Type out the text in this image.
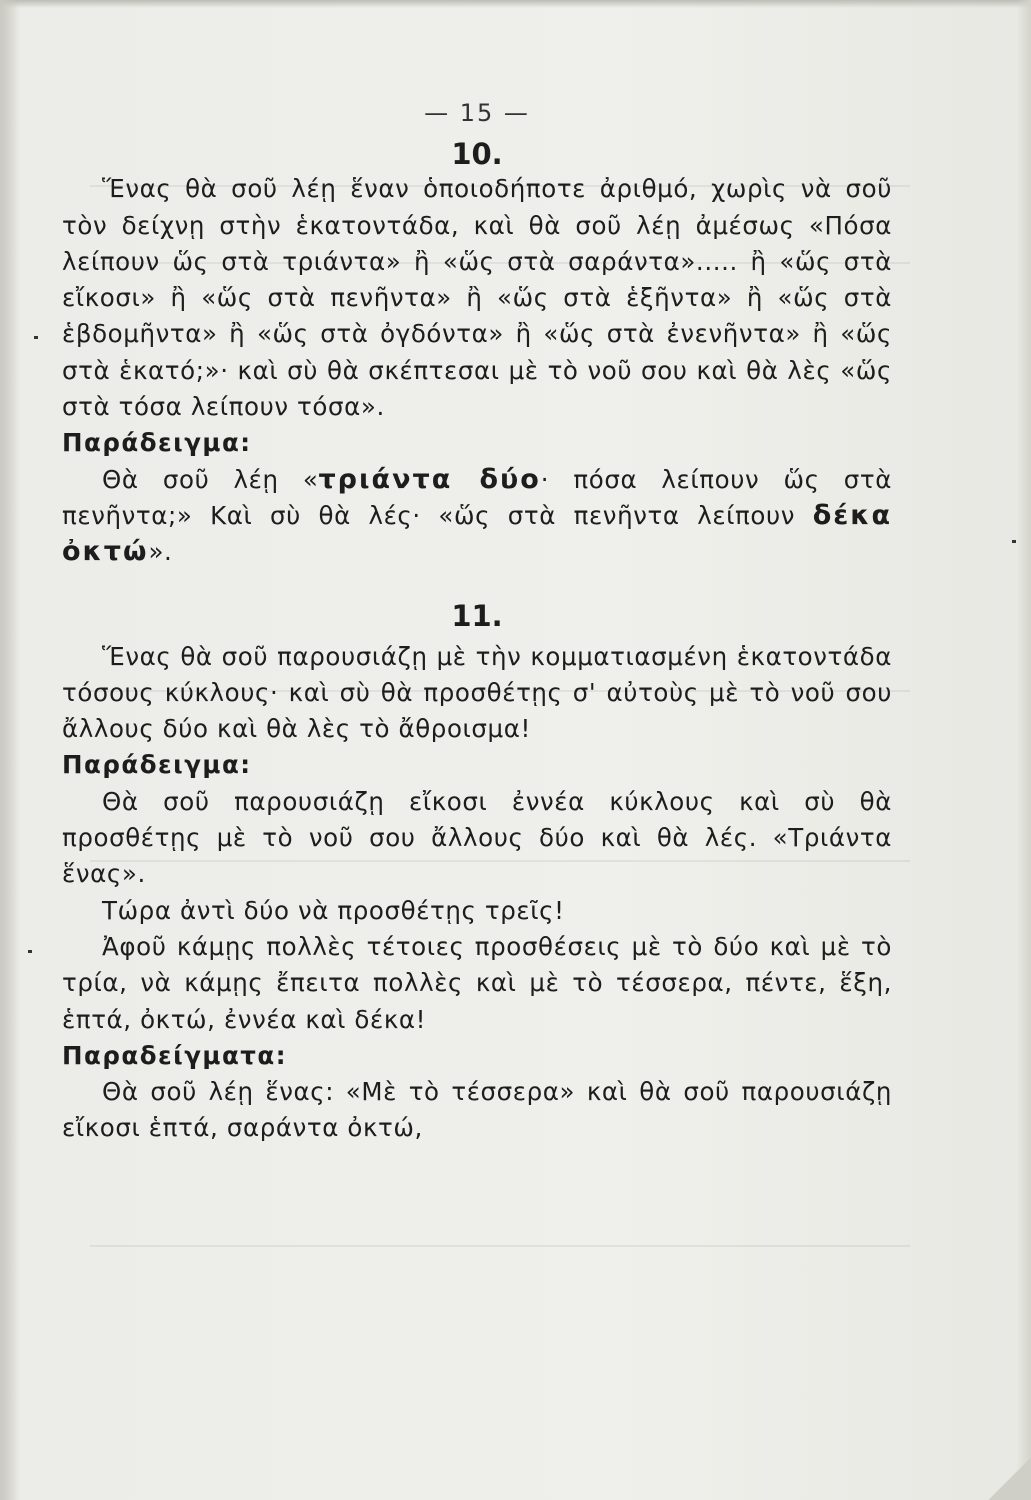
— 15 —
10.

Ἕνας θὰ σοῦ λέῃ ἕναν ὁποιοδήποτε ἀριθμό, χωρὶς νὰ σοῦ τὸν δείχνῃ στὴν ἑκατοντάδα, καὶ θὰ σοῦ λέῃ ἀμέσως «Πόσα λείπουν ὥς στὰ τριάντα» ἢ «ὥς στὰ σαράντα»..... ἢ «ὥς στὰ εἴκοσι» ἢ «ὥς στὰ πενῆντα» ἢ «ὥς στὰ ἑξῆντα» ἢ «ὥς στὰ ἑβδομῆντα» ἢ «ὥς στὰ ὀγδόντα» ἢ «ὥς στὰ ἐνενῆντα» ἢ «ὥς στὰ ἑκατό;»· καὶ σὺ θὰ σκέπτεσαι μὲ τὸ νοῦ σου καὶ θὰ λὲς «ὥς στὰ τόσα λείπουν τόσα».

Παράδειγμα:

Θὰ σοῦ λέῃ «τριάντα δύο· πόσα λείπουν ὥς στὰ πενῆντα;» Καὶ σὺ θὰ λές· «ὥς στὰ πενῆντα λείπουν δέκα ὀκτώ».

11.

Ἕνας θὰ σοῦ παρουσιάζῃ μὲ τὴν κομματιασμένη ἑκατοντάδα τόσους κύκλους· καὶ σὺ θὰ προσθέτῃς σ' αὐτοὺς μὲ τὸ νοῦ σου ἄλλους δύο καὶ θὰ λὲς τὸ ἄθροισμα!

Παράδειγμα:

Θὰ σοῦ παρουσιάζῃ εἴκοσι ἐννέα κύκλους καὶ σὺ θὰ προσθέτῃς μὲ τὸ νοῦ σου ἄλλους δύο καὶ θὰ λές. «Τριάντα ἕνας».

Τώρα ἀντὶ δύο νὰ προσθέτῃς τρεῖς!

Ἀφοῦ κάμῃς πολλὲς τέτοιες προσθέσεις μὲ τὸ δύο καὶ μὲ τὸ τρία, νὰ κάμῃς ἔπειτα πολλὲς καὶ μὲ τὸ τέσσερα, πέντε, ἕξη, ἑπτά, ὀκτώ, ἐννέα καὶ δέκα!

Παραδείγματα:

Θὰ σοῦ λέῃ ἕνας: «Μὲ τὸ τέσσερα» καὶ θὰ σοῦ παρουσιάζῃ εἴκοσι ἑπτά, σαράντα ὀκτώ,
